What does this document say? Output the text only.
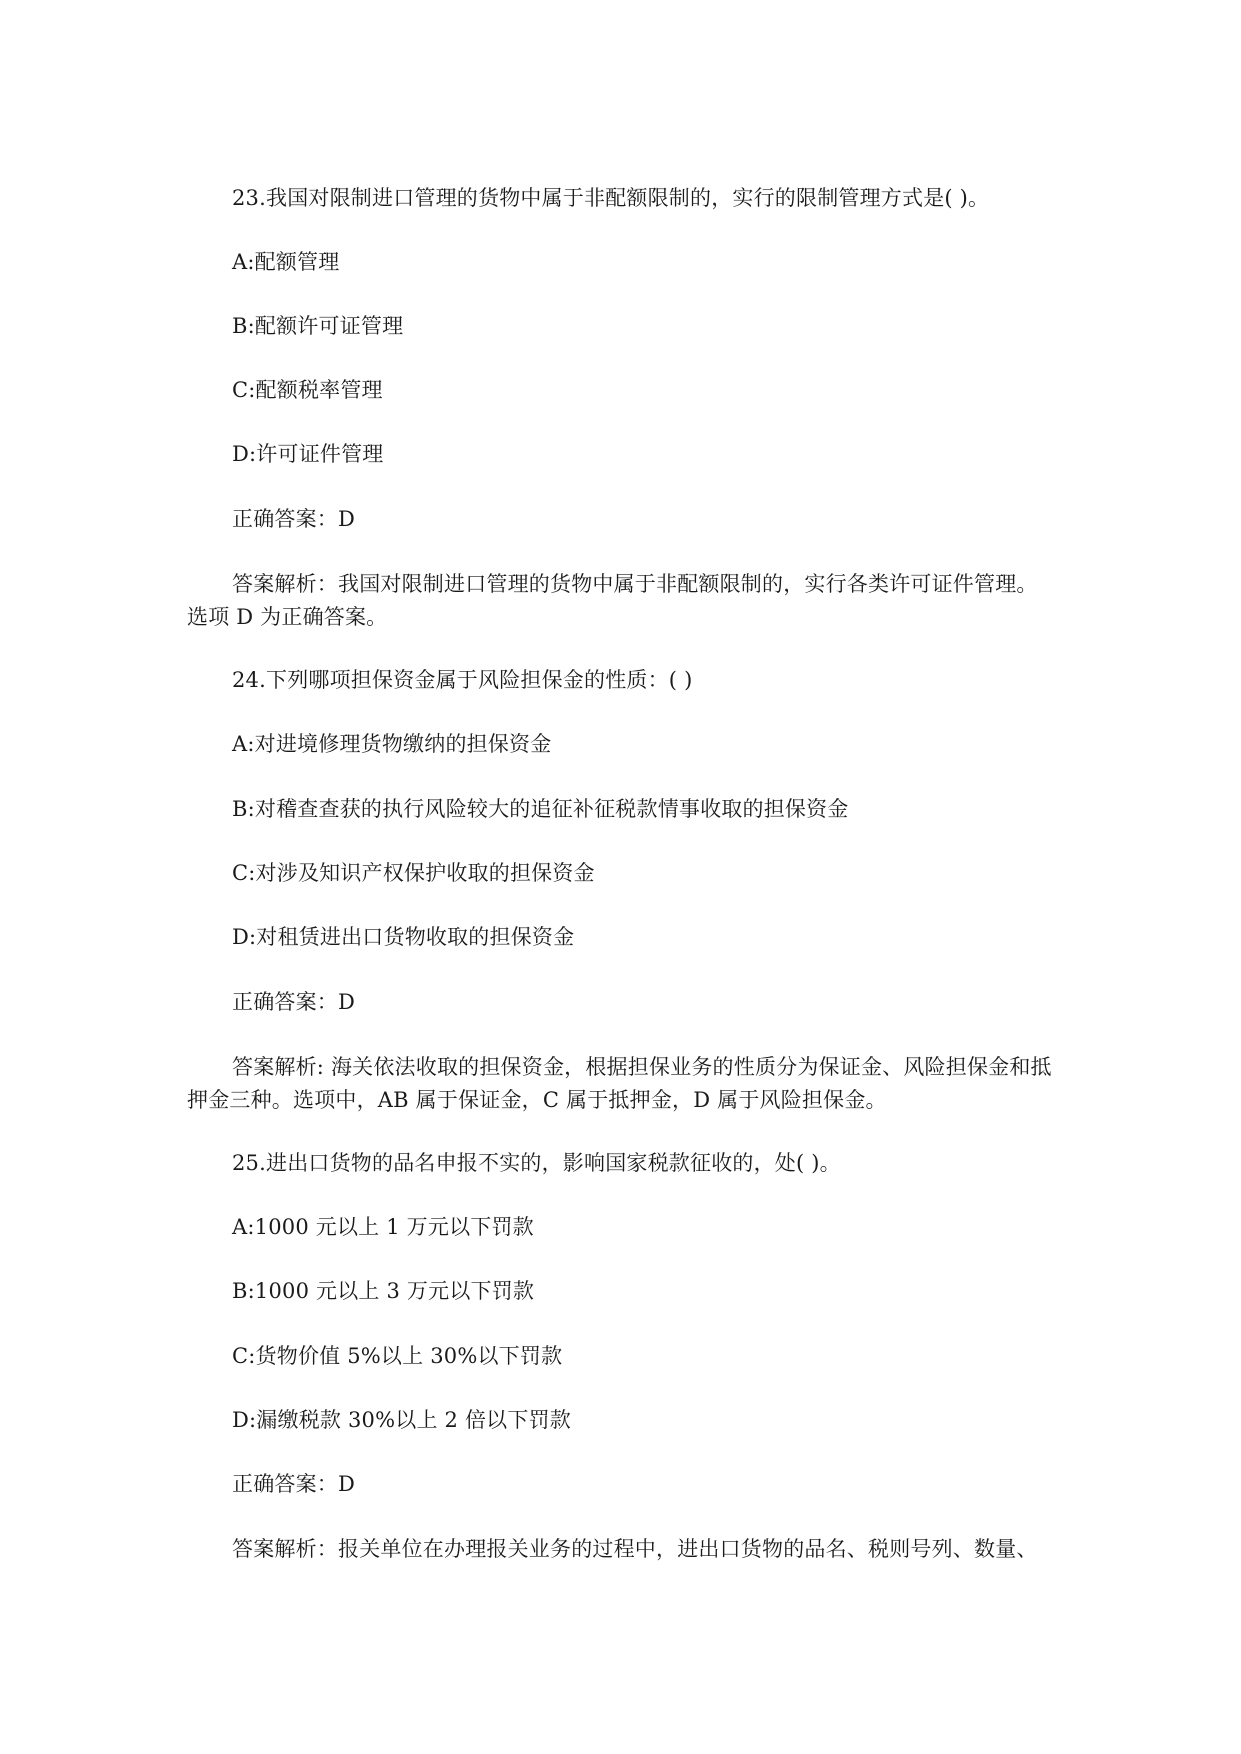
23.我国对限制进口管理的货物中属于非配额限制的，实行的限制管理方式是( )。
A:配额管理
B:配额许可证管理
C:配额税率管理
D:许可证件管理
正确答案：D
答案解析：我国对限制进口管理的货物中属于非配额限制的，实行各类许可证件管理。选项 D 为正确答案。
24.下列哪项担保资金属于风险担保金的性质：( )
A:对进境修理货物缴纳的担保资金
B:对稽查查获的执行风险较大的追征补征税款情事收取的担保资金
C:对涉及知识产权保护收取的担保资金
D:对租赁进出口货物收取的担保资金
正确答案：D
答案解析: 海关依法收取的担保资金，根据担保业务的性质分为保证金、风险担保金和抵押金三种。选项中，AB 属于保证金，C 属于抵押金，D 属于风险担保金。
25.进出口货物的品名申报不实的，影响国家税款征收的，处( )。
A:1000 元以上 1 万元以下罚款
B:1000 元以上 3 万元以下罚款
C:货物价值 5%以上 30%以下罚款
D:漏缴税款 30%以上 2 倍以下罚款
正确答案：D
答案解析：报关单位在办理报关业务的过程中，进出口货物的品名、税则号列、数量、
